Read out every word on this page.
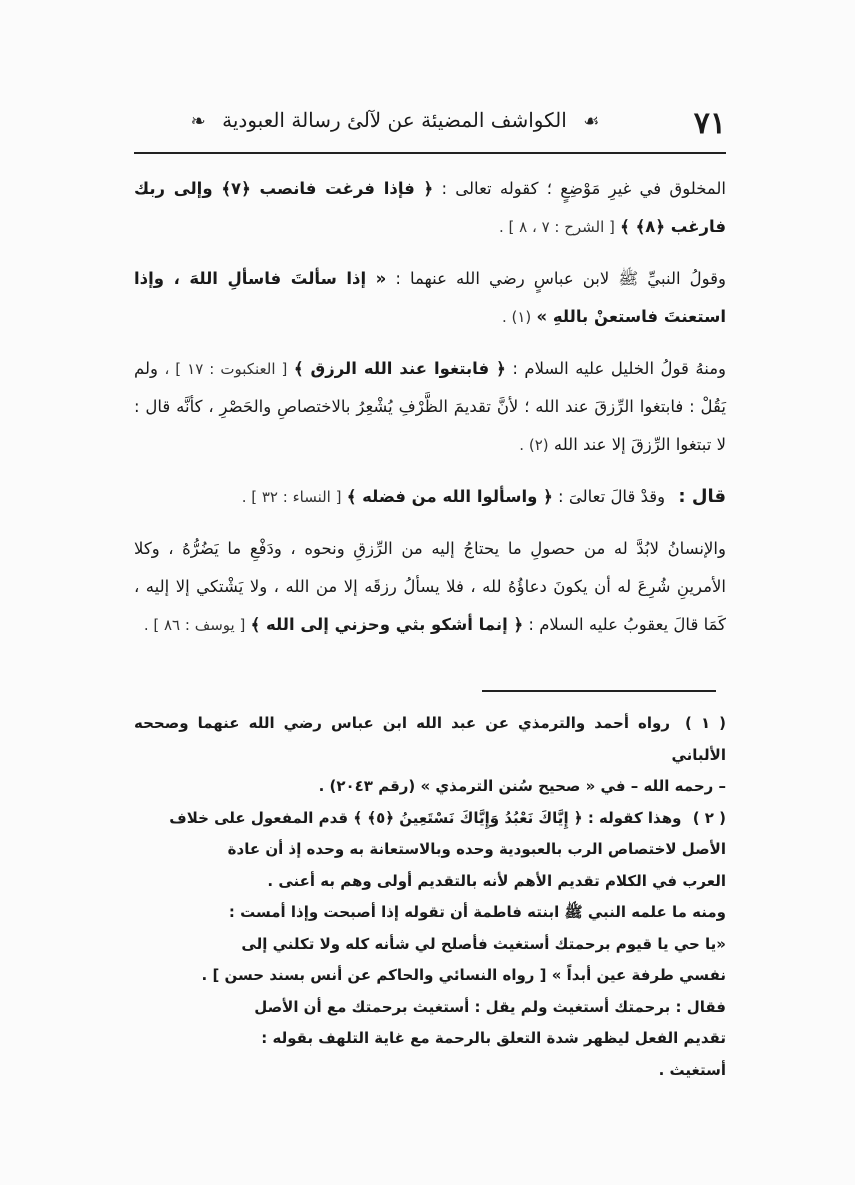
٧١
☙ الكواشف المضيئة عن لآلئ رسالة العبودية ❧

المخلوق في غيرِ مَوْضِعٍ ؛ كقوله تعالى : ﴿ فإذا فرغت فانصب ﴿٧﴾ وإلى ربك فارغب ﴿٨﴾ ﴾ [ الشرح : ٧ ، ٨ ] .

وقولُ النبيِّ ﷺ لابن عباسٍ رضي الله عنهما : « إذا سألتَ فاسألِ اللهَ ، وإذا استعنتَ فاستعنْ باللهِ » (١) .

ومنهُ قولُ الخليل عليه السلام : ﴿ فابتغوا عند الله الرزق ﴾ [ العنكبوت : ١٧ ] ، ولم يَقُلْ : فابتغوا الرِّزقَ عند الله ؛ لأنَّ تقديمَ الظَّرْفِ يُشْعِرُ بالاختصاصِ والحَصْرِ ، كأنَّه قال : لا تبتغوا الرِّزقَ إلا عند الله (٢) .

قال : وقدْ قالَ تعالىَ : ﴿ واسألوا الله من فضله ﴾ [ النساء : ٣٢ ] .

والإنسانُ لابُدَّ له من حصولِ ما يحتاجُ إليه من الرِّزقِ ونحوه ، ودَفْعِ ما يَضُرُّهُ ، وكلا الأمرينِ شُرِعَ له أن يكونَ دعاؤُهُ لله ، فلا يسألُ رزقَه إلا من الله ، ولا يَشْتكي إلا إليه ، كَمَا قالَ يعقوبُ عليه السلام : ﴿ إنما أشكو بثي وحزني إلى الله ﴾ [ يوسف : ٨٦ ] .

( ١ ) رواه أحمد والترمذي عن عبد الله ابن عباس رضي الله عنهما وصححه الألباني
– رحمه الله – في « صحيح سُنن الترمذي » (رقم ٢٠٤٣) .

( ٢ ) وهذا كقوله : ﴿ إِيَّاكَ نَعْبُدُ وَإِيَّاكَ نَسْتَعِينُ ﴿٥﴾ ﴾ قدم المفعول على خلاف
الأصل لاختصاص الرب بالعبودية وحده وبالاستعانة به وحده إذ أن عادة
العرب في الكلام تقديم الأهم لأنه بالتقديم أولى وهم به أعنى .
ومنه ما علمه النبي ﷺ ابنته فاطمة أن تقوله إذا أصبحت وإذا أمست :
«يا حي يا قيوم برحمتك أستغيث فأصلح لي شأنه كله ولا تكلني إلى
نفسي طرفة عين أبداً » [ رواه النسائي والحاكم عن أنس بسند حسن ] .
فقال : برحمتك أستغيث ولم يقل : أستغيث برحمتك مع أن الأصل
تقديم الفعل ليظهر شدة التعلق بالرحمة مع غاية التلهف بقوله :
أستغيث .
